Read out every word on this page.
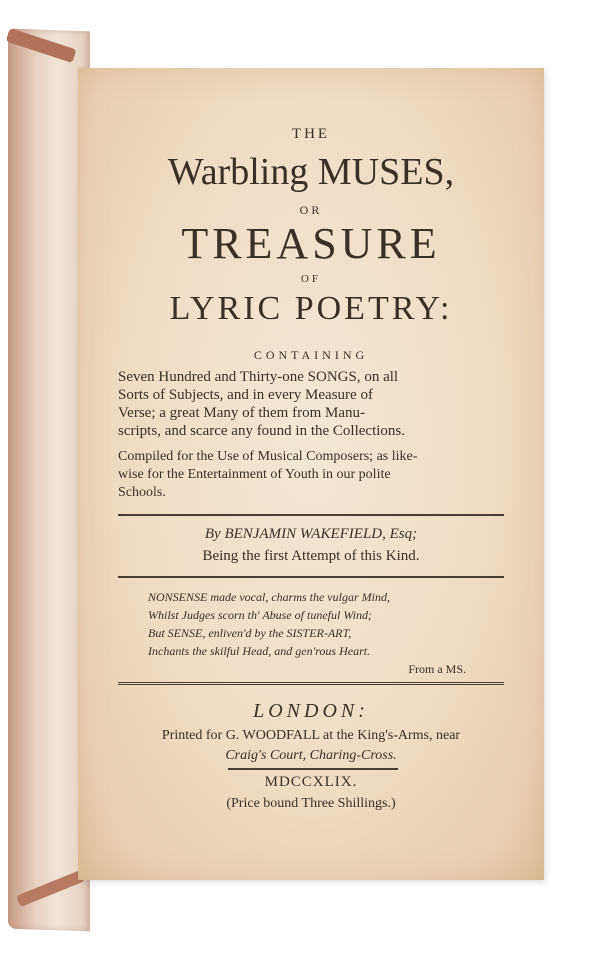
THE
Warbling MUSES,
OR
TREASURE
OF
LYRIC POETRY:
CONTAINING
Seven Hundred and Thirty-one SONGS, on all
Sorts of Subjects, and in every Measure of
Verse; a great Many of them from Manu-
scripts, and scarce any found in the Collections.
Compiled for the Use of Musical Composers; as like-
wise for the Entertainment of Youth in our polite
Schools.
By BENJAMIN WAKEFIELD, Esq;
Being the first Attempt of this Kind.
NONSENSE made vocal, charms the vulgar Mind,
Whilst Judges scorn th' Abuse of tuneful Wind;
But SENSE, enliven'd by the SISTER-ART,
Inchants the skilful Head, and gen'rous Heart.
From a MS.
LONDON:
Printed for G. WOODFALL at the King's-Arms, near
Craig's Court, Charing-Cross.
MDCCXLIX.
(Price bound Three Shillings.)
